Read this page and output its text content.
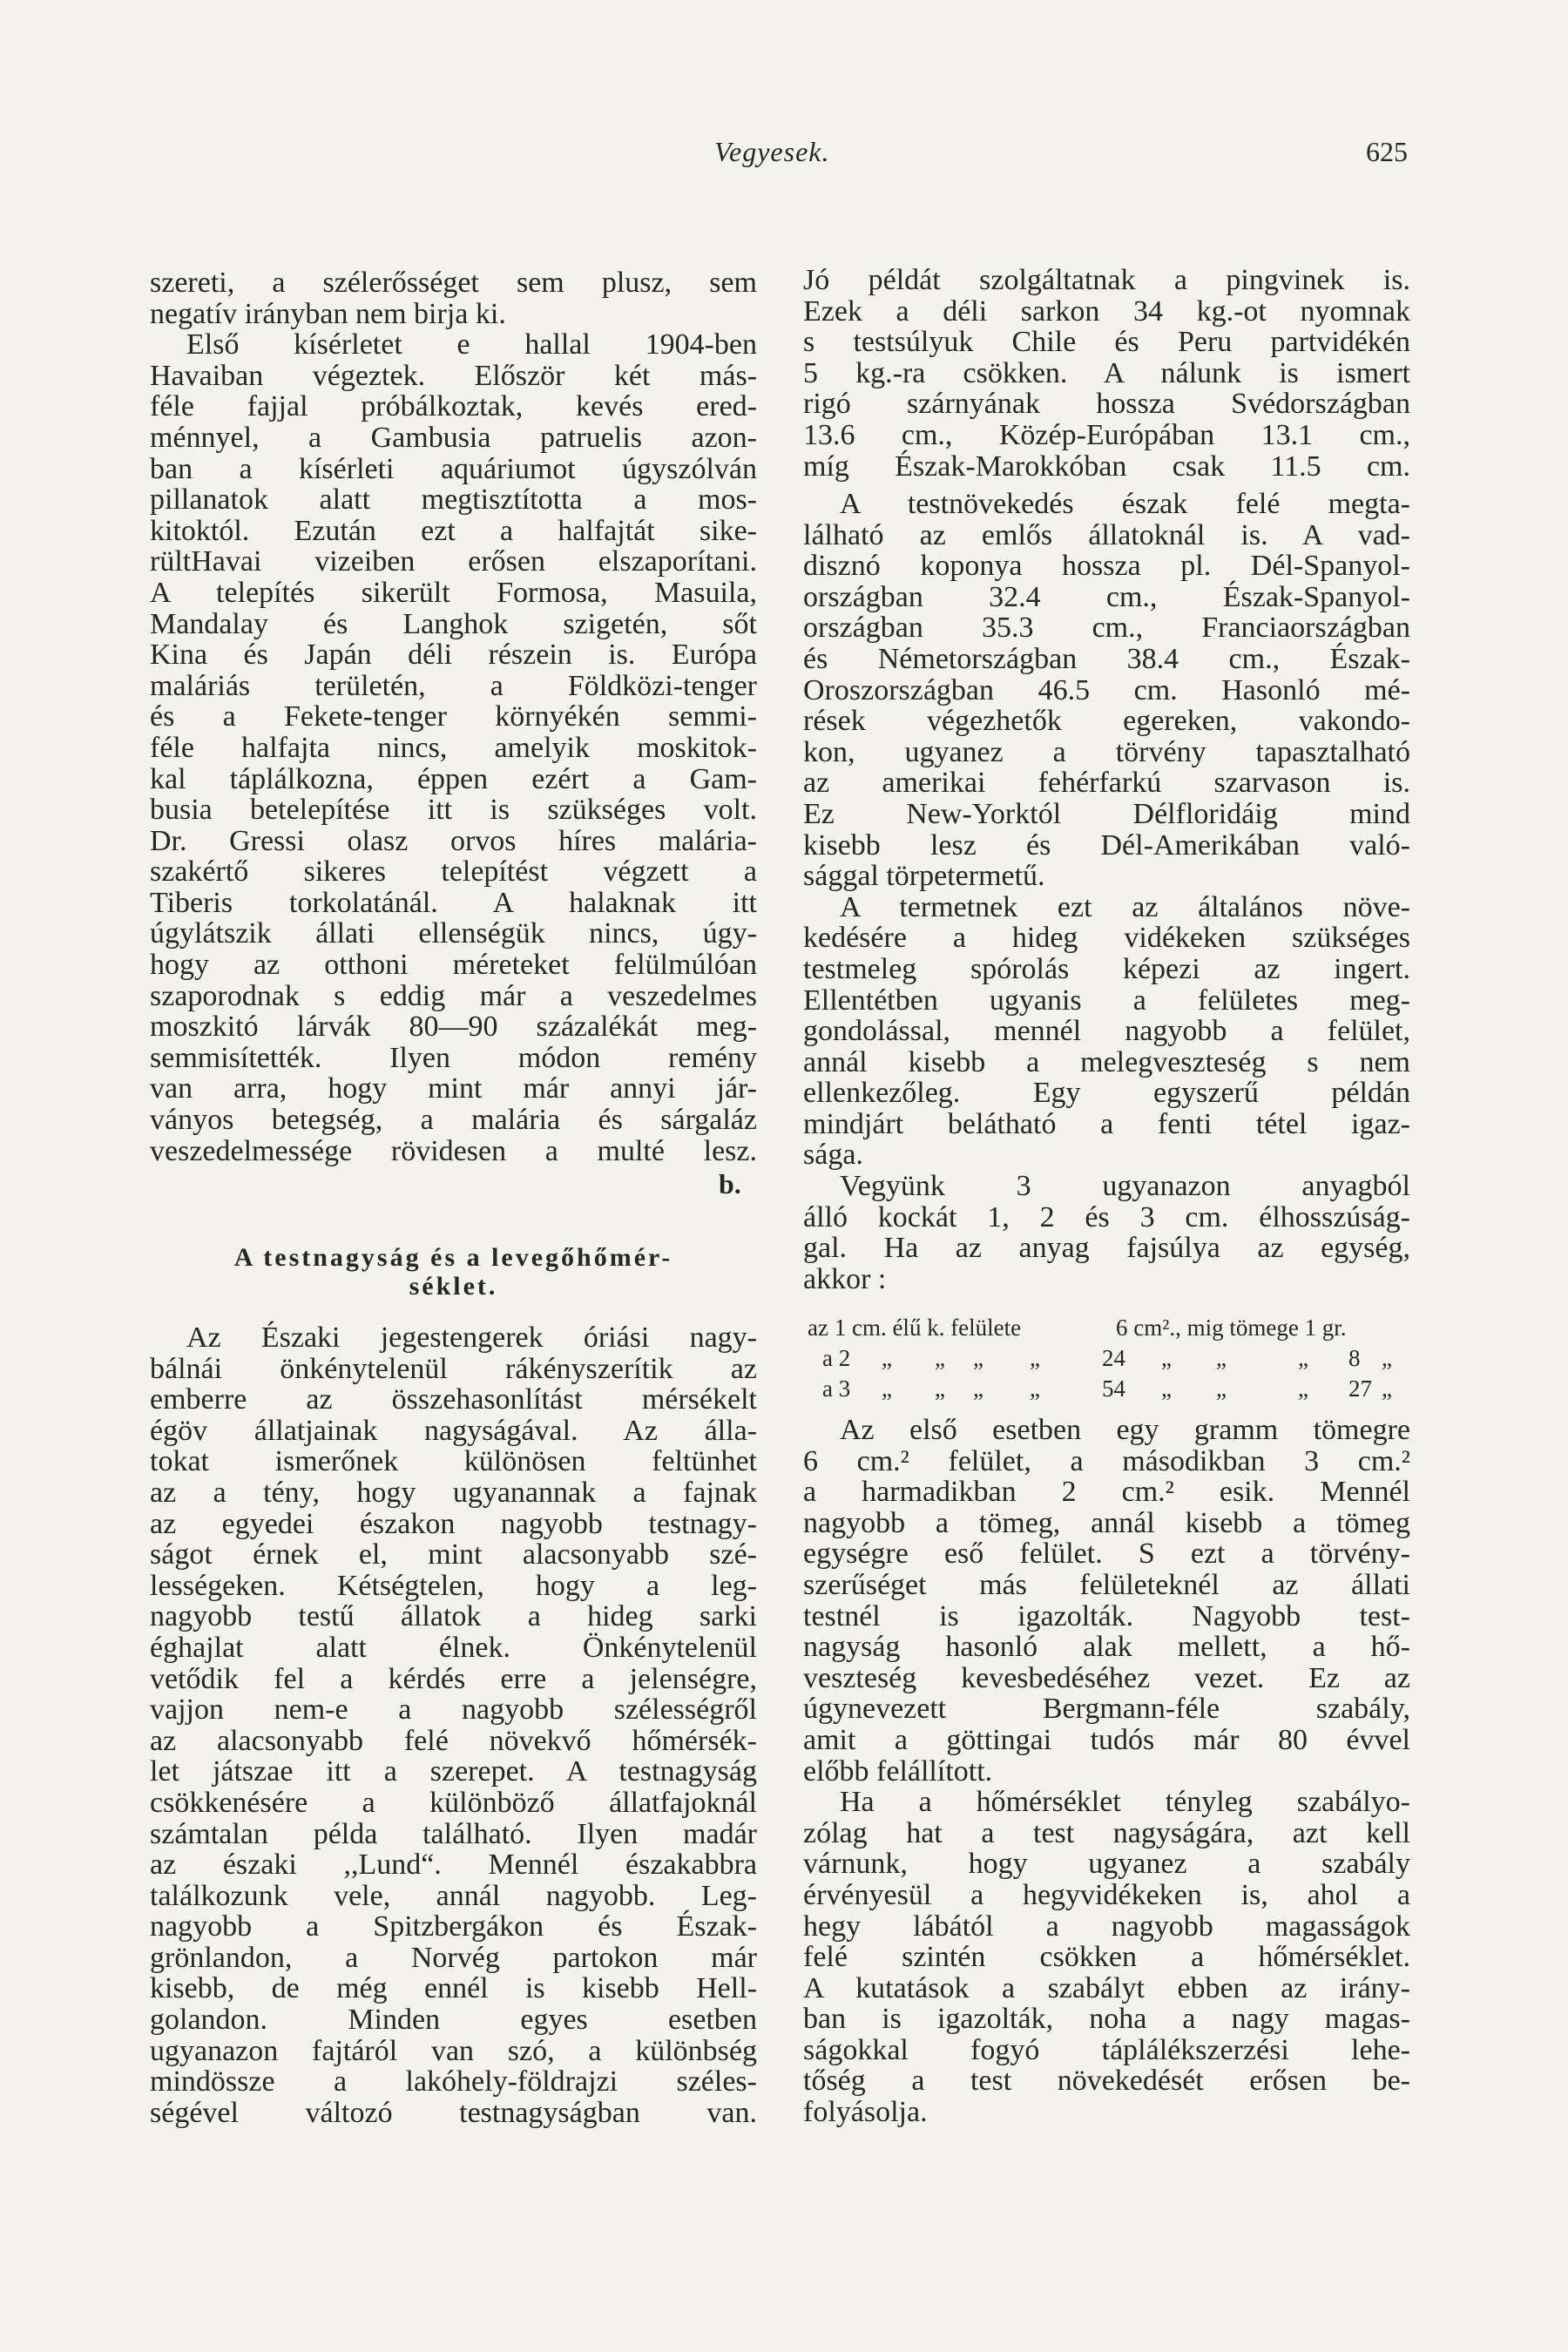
Vegyesek.	625
szereti, a szélerősséget sem plusz, sem
negatív irányban nem birja ki.
Első kísérletet e hallal 1904-ben
Havaiban végeztek. Először két más-
féle fajjal próbálkoztak, kevés ered-
ménnyel, a Gambusia patruelis azon-
ban a kísérleti aquáriumot úgyszólván
pillanatok alatt megtisztította a mos-
kitoktól. Ezután ezt a halfajtát sike-
rültHavai vizeiben erősen elszaporítani.
A telepítés sikerült Formosa, Masuila,
Mandalay és Langhok szigetén, sőt
Kina és Japán déli részein is. Európa
maláriás területén, a Földközi-tenger
és a Fekete-tenger környékén semmi-
féle halfajta nincs, amelyik moskitok-
kal táplálkozna, éppen ezért a Gam-
busia betelepítése itt is szükséges volt.
Dr. Gressi olasz orvos híres malária-
szakértő sikeres telepítést végzett a
Tiberis torkolatánál. A halaknak itt
úgylátszik állati ellenségük nincs, úgy-
hogy az otthoni méreteket felülmúlóan
szaporodnak s eddig már a veszedelmes
moszkitó lárvák 80—90 százalékát meg-
semmisítették. Ilyen módon remény
van arra, hogy mint már annyi jár-
ványos betegség, a malária és sárgaláz
veszedelmessége rövidesen a multé lesz.
b.
A testnagyság és a levegőhőmér-
séklet.
Az Északi jegestengerek óriási nagy-
bálnái önkénytelenül rákényszerítik az
emberre az összehasonlítást mérsékelt
égöv állatjainak nagyságával. Az álla-
tokat ismerőnek különösen feltünhet
az a tény, hogy ugyanannak a fajnak
az egyedei északon nagyobb testnagy-
ságot érnek el, mint alacsonyabb szé-
lességeken. Kétségtelen, hogy a leg-
nagyobb testű állatok a hideg sarki
éghajlat alatt élnek. Önkénytelenül
vetődik fel a kérdés erre a jelenségre,
vajjon nem-e a nagyobb szélességről
az alacsonyabb felé növekvő hőmérsék-
let játszae itt a szerepet. A testnagyság
csökkenésére a különböző állatfajoknál
számtalan példa található. Ilyen madár
az északi ,,Lund“. Mennél északabbra
találkozunk vele, annál nagyobb. Leg-
nagyobb a Spitzbergákon és Észak-
grönlandon, a Norvég partokon már
kisebb, de még ennél is kisebb Hell-
golandon. Minden egyes esetben
ugyanazon fajtáról van szó, a különbség
mindössze a lakóhely-földrajzi széles-
ségével változó testnagyságban van.
Jó példát szolgáltatnak a pingvinek is.
Ezek a déli sarkon 34 kg.-ot nyomnak
s testsúlyuk Chile és Peru partvidékén
5 kg.-ra csökken. A nálunk is ismert
rigó szárnyának hossza Svédországban
13.6 cm., Közép-Európában 13.1 cm.,
míg Észak-Marokkóban csak 11.5 cm.
A testnövekedés észak felé megta-
lálható az emlős állatoknál is. A vad-
disznó koponya hossza pl. Dél-Spanyol-
országban 32.4 cm., Észak-Spanyol-
országban 35.3 cm., Franciaországban
és Németországban 38.4 cm., Észak-
Oroszországban 46.5 cm. Hasonló mé-
rések végezhetők egereken, vakondo-
kon, ugyanez a törvény tapasztalható
az amerikai fehérfarkú szarvason is.
Ez New-Yorktól Délfloridáig mind
kisebb lesz és Dél-Amerikában való-
sággal törpetermetű.
A termetnek ezt az általános növe-
kedésére a hideg vidékeken szükséges
testmeleg spórolás képezi az ingert.
Ellentétben ugyanis a felületes meg-
gondolással, mennél nagyobb a felület,
annál kisebb a melegveszteség s nem
ellenkezőleg. Egy egyszerű példán
mindjárt belátható a fenti tétel igaz-
sága.
Vegyünk 3 ugyanazon anyagból
álló kockát 1, 2 és 3 cm. élhosszúság-
gal. Ha az anyag fajsúlya az egység,
akkor :
az 1 cm. élű k. felülete	6 cm²., mig tömege 1 gr.
a 2 „ „ „ „	24 „ „	„ 8 „
a 3 „ „ „ „	54 „ „	„ 27 „
Az első esetben egy gramm tömegre
6 cm.² felület, a másodikban 3 cm.²
a harmadikban 2 cm.² esik. Mennél
nagyobb a tömeg, annál kisebb a tömeg
egységre eső felület. S ezt a törvény-
szerűséget más felületeknél az állati
testnél is igazolták. Nagyobb test-
nagyság hasonló alak mellett, a hő-
veszteség kevesbedéséhez vezet. Ez az
úgynevezett Bergmann-féle szabály,
amit a göttingai tudós már 80 évvel
előbb felállított.
Ha a hőmérséklet tényleg szabályo-
zólag hat a test nagyságára, azt kell
várnunk, hogy ugyanez a szabály
érvényesül a hegyvidékeken is, ahol a
hegy lábától a nagyobb magasságok
felé szintén csökken a hőmérséklet.
A kutatások a szabályt ebben az irány-
ban is igazolták, noha a nagy magas-
ságokkal fogyó táplálékszerzési lehe-
tőség a test növekedését erősen be-
folyásolja.
